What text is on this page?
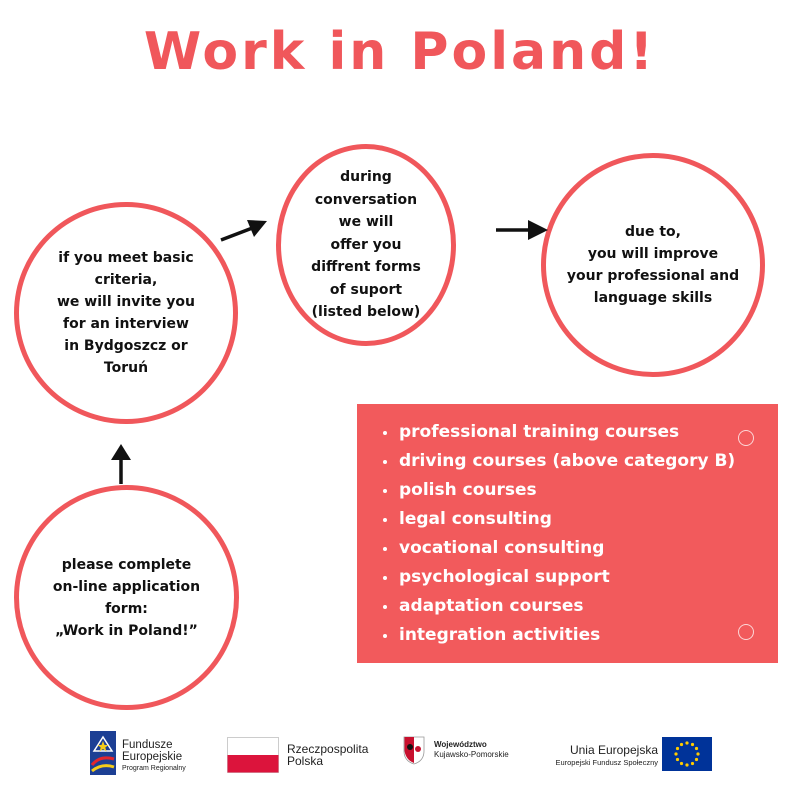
Work in Poland!
if you meet basic
criteria,
we will invite you
for an interview
in Bydgoszcz or
Toruń
during
conversation
we will
offer you
diffrent forms
of suport
(listed below)
due to,
you will improve
your professional and
language skills
please complete
on-line application
form:
„Work in Poland!”
professional training courses
driving courses (above category B)
polish courses
legal consulting
vocational consulting
psychological support
adaptation courses
integration activities
Fundusze
Europejskie
Program Regionalny
Rzeczpospolita
Polska
Województwo
Kujawsko-Pomorskie	Unia Europejska
Europejski Fundusz Społeczny
